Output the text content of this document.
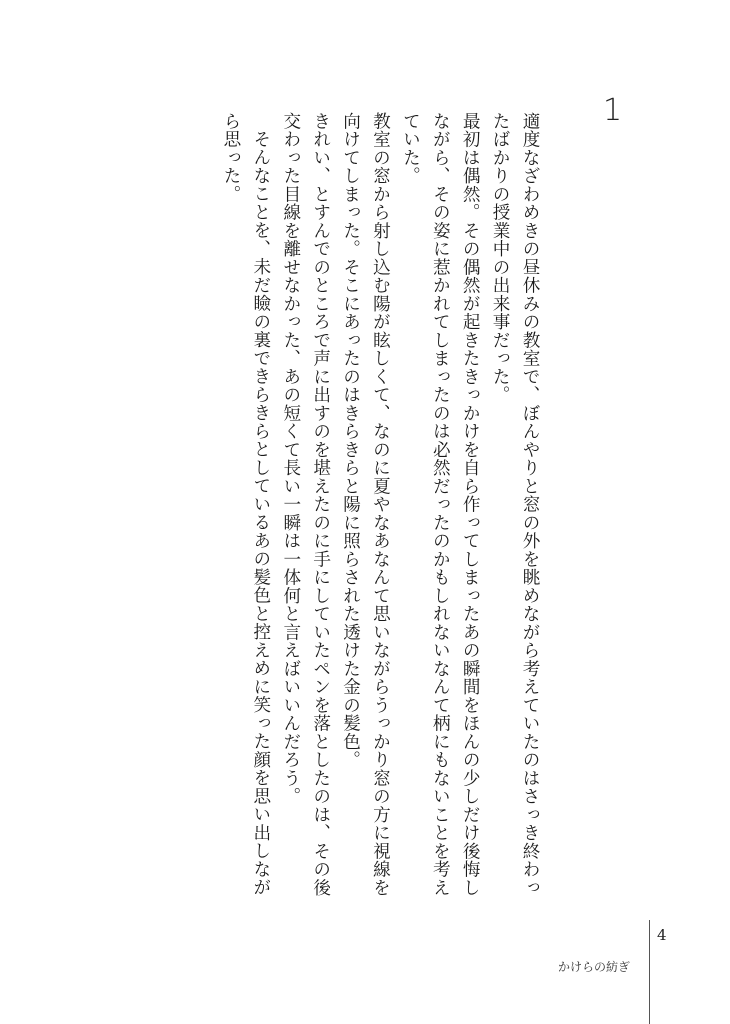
1

適度なざわめきの昼休みの教室で、ぼんやりと窓の外を眺めながら考えていたのはさっき終わったばかりの授業中の出来事だった。

最初は偶然。その偶然が起きたきっかけを自ら作ってしまったあの瞬間をほんの少しだけ後悔しながら、その姿に惹かれてしまったのは必然だったのかもしれないなんて柄にもないことを考えていた。

教室の窓から射し込む陽が眩しくて、なのに夏やなあなんて思いながらうっかり窓の方に視線を向けてしまった。そこにあったのはきらきらと陽に照らされた透けた金の髪色。

きれい、とすんでのところで声に出すのを堪えたのに手にしていたペンを落としたのは、その後交わった目線を離せなかった、あの短くて長い一瞬は一体何と言えばいいんだろう。

そんなことを、未だ瞼の裏できらきらとしているあの髪色と控えめに笑った顔を思い出しながら思った。

4
かけらの紡ぎ
